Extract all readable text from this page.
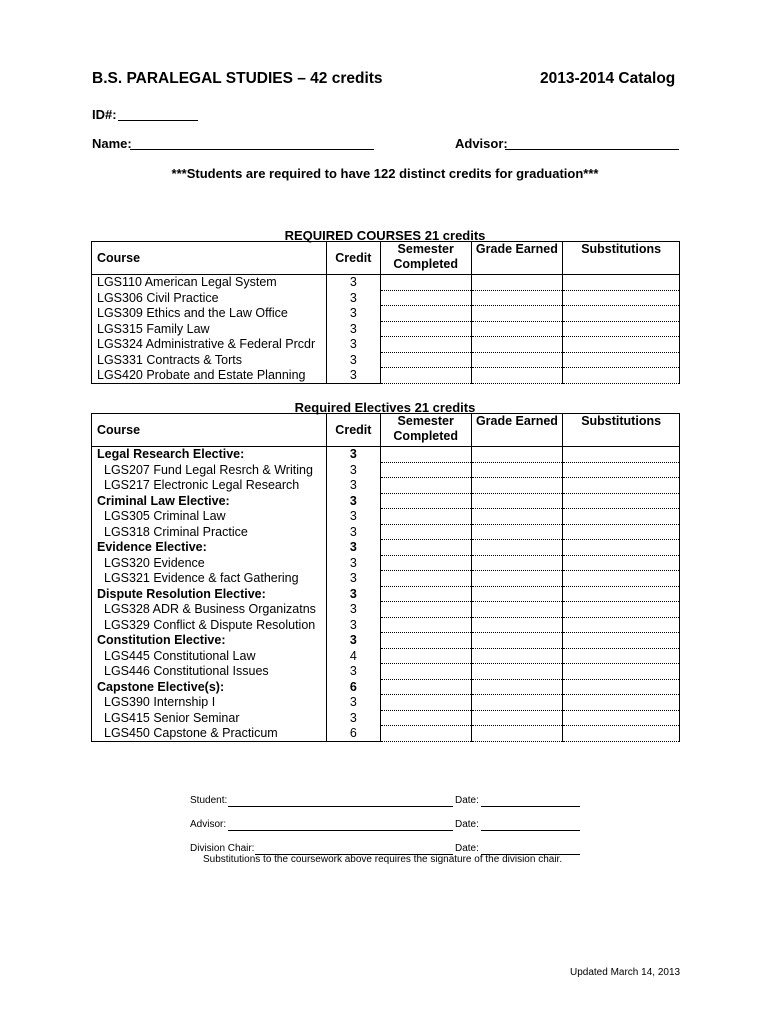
B.S. PARALEGAL STUDIES – 42 credits	2013-2014 Catalog
ID#:
Name:	Advisor:
***Students are required to have 122 distinct credits for graduation***
REQUIRED COURSES 21 credits
Course	Credit	Semester Completed	Grade Earned	Substitutions
LGS110 American Legal System	3			
LGS306 Civil Practice	3			
LGS309 Ethics and the Law Office	3			
LGS315 Family Law	3			
LGS324 Administrative & Federal Prcdr	3			
LGS331 Contracts & Torts	3			
LGS420 Probate and Estate Planning	3			
Required Electives 21 credits
Course	Credit	Semester Completed	Grade Earned	Substitutions
Legal Research Elective:	3			
LGS207 Fund Legal Resrch & Writing	3			
LGS217 Electronic Legal Research	3			
Criminal Law Elective:	3			
LGS305 Criminal Law	3			
LGS318 Criminal Practice	3			
Evidence Elective:	3			
LGS320 Evidence	3			
LGS321 Evidence & fact Gathering	3			
Dispute Resolution Elective:	3			
LGS328 ADR & Business Organizatns	3			
LGS329 Conflict & Dispute Resolution	3			
Constitution Elective:	3			
LGS445 Constitutional Law	4			
LGS446 Constitutional Issues	3			
Capstone Elective(s):	6			
LGS390 Internship I	3			
LGS415 Senior Seminar	3			
LGS450 Capstone & Practicum	6			
Student:	Date:
Advisor:	Date:
Division Chair:	Date:
Substitutions to the coursework above requires the signature of the division chair.
Updated March 14, 2013
